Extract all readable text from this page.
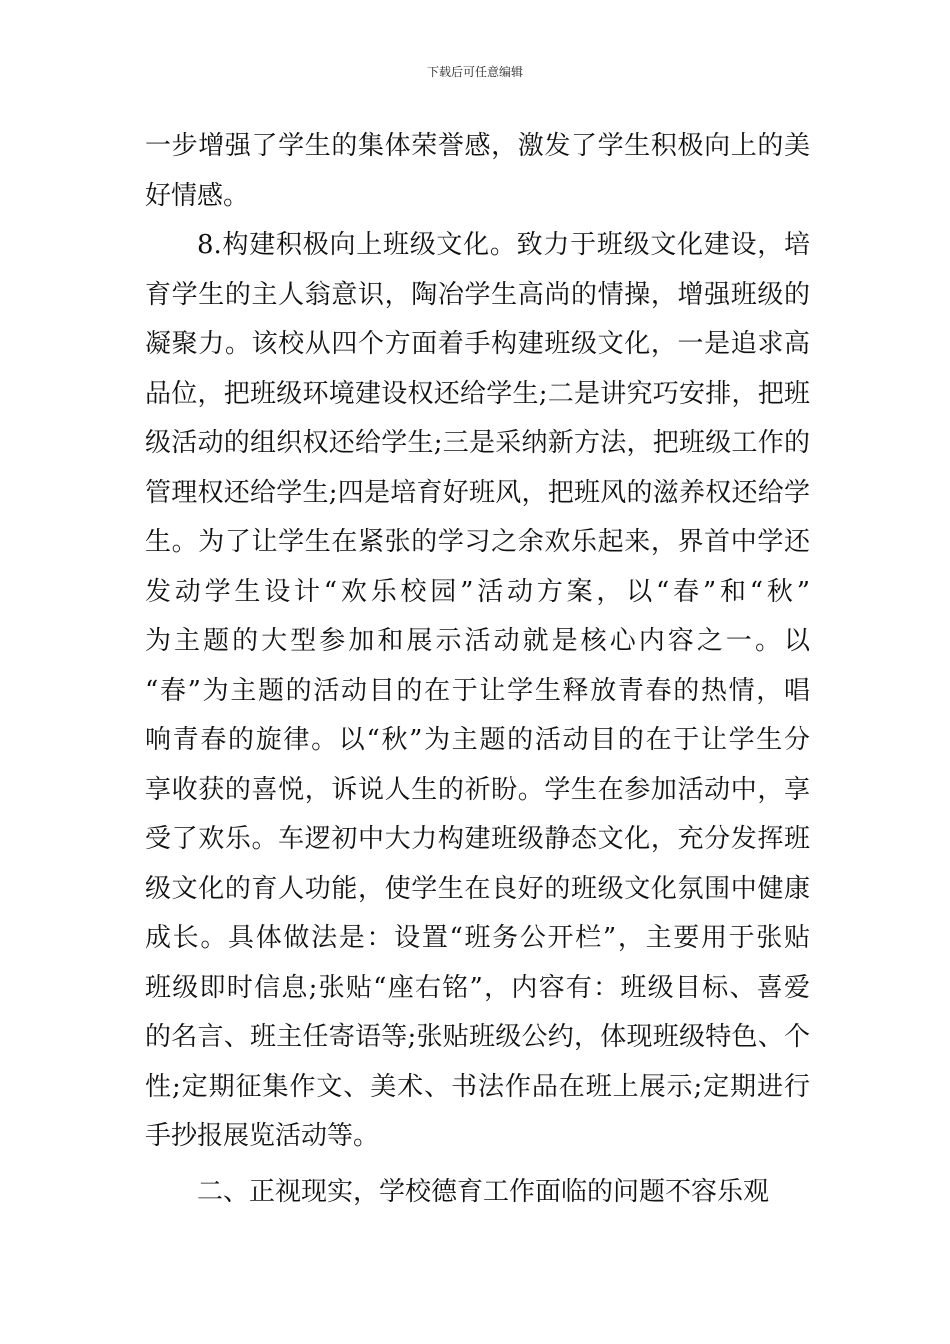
下载后可任意编辑
一步增强了学生的集体荣誉感，激发了学生积极向上的美
好情感。
8.构建积极向上班级文化。致力于班级文化建设，培
育学生的主人翁意识，陶冶学生高尚的情操，增强班级的
凝聚力。该校从四个方面着手构建班级文化，一是追求高
品位，把班级环境建设权还给学生;二是讲究巧安排，把班
级活动的组织权还给学生;三是采纳新方法，把班级工作的
管理权还给学生;四是培育好班风，把班风的滋养权还给学
生。为了让学生在紧张的学习之余欢乐起来，界首中学还
发动学生设计“欢乐校园”活动方案，以“春”和“秋”
为主题的大型参加和展示活动就是核心内容之一。以
“春”为主题的活动目的在于让学生释放青春的热情，唱
响青春的旋律。以“秋”为主题的活动目的在于让学生分
享收获的喜悦，诉说人生的祈盼。学生在参加活动中，享
受了欢乐。车逻初中大力构建班级静态文化，充分发挥班
级文化的育人功能，使学生在良好的班级文化氛围中健康
成长。具体做法是：设置“班务公开栏”，主要用于张贴
班级即时信息;张贴“座右铭”，内容有：班级目标、喜爱
的名言、班主任寄语等;张贴班级公约，体现班级特色、个
性;定期征集作文、美术、书法作品在班上展示;定期进行
手抄报展览活动等。
二、正视现实，学校德育工作面临的问题不容乐观
